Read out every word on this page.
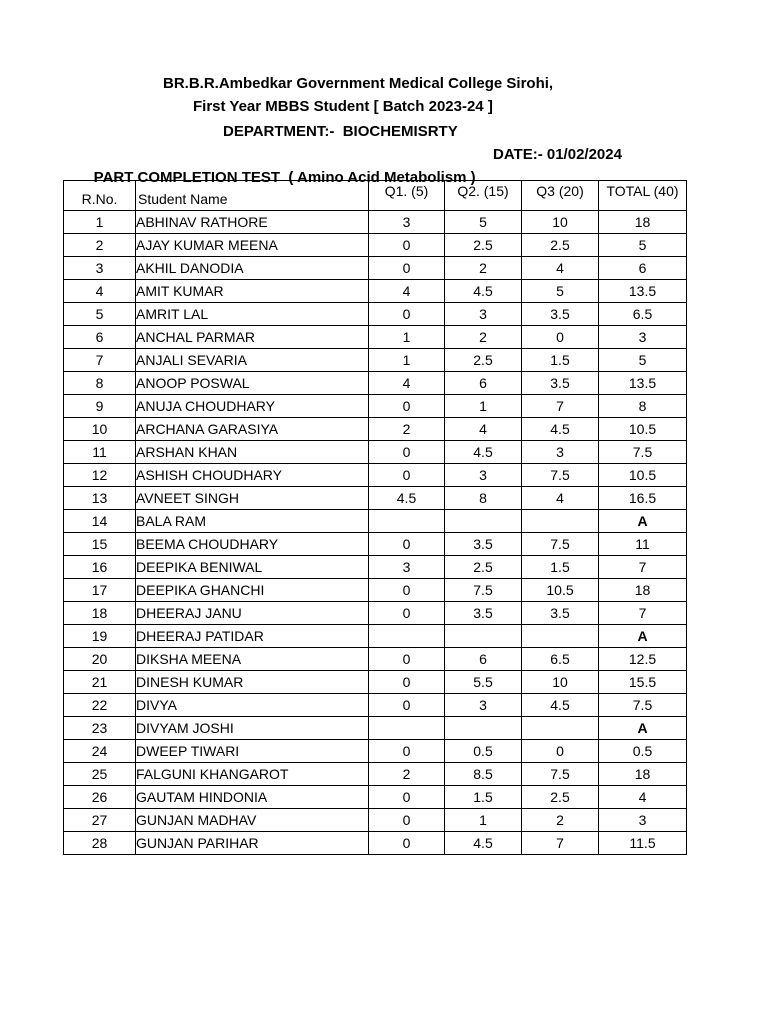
BR.B.R.Ambedkar Government Medical College Sirohi,
First Year MBBS Student [ Batch 2023-24 ]
DEPARTMENT:-  BIOCHEMISRTY

PART COMPLETION TEST  ( Amino Acid Metabolism )

DATE:- 01/02/2024

R.No.	Student Name	Q1. (5)	Q2. (15)	Q3 (20)	TOTAL (40)
1	ABHINAV RATHORE	3	5	10	18
2	AJAY KUMAR MEENA	0	2.5	2.5	5
3	AKHIL DANODIA	0	2	4	6
4	AMIT KUMAR	4	4.5	5	13.5
5	AMRIT LAL	0	3	3.5	6.5
6	ANCHAL PARMAR	1	2	0	3
7	ANJALI SEVARIA	1	2.5	1.5	5
8	ANOOP POSWAL	4	6	3.5	13.5
9	ANUJA CHOUDHARY	0	1	7	8
10	ARCHANA GARASIYA	2	4	4.5	10.5
11	ARSHAN KHAN	0	4.5	3	7.5
12	ASHISH CHOUDHARY	0	3	7.5	10.5
13	AVNEET SINGH	4.5	8	4	16.5
14	BALA RAM				A
15	BEEMA CHOUDHARY	0	3.5	7.5	11
16	DEEPIKA BENIWAL	3	2.5	1.5	7
17	DEEPIKA GHANCHI	0	7.5	10.5	18
18	DHEERAJ JANU	0	3.5	3.5	7
19	DHEERAJ PATIDAR				A
20	DIKSHA MEENA	0	6	6.5	12.5
21	DINESH KUMAR	0	5.5	10	15.5
22	DIVYA	0	3	4.5	7.5
23	DIVYAM JOSHI				A
24	DWEEP TIWARI	0	0.5	0	0.5
25	FALGUNI KHANGAROT	2	8.5	7.5	18
26	GAUTAM HINDONIA	0	1.5	2.5	4
27	GUNJAN MADHAV	0	1	2	3
28	GUNJAN PARIHAR	0	4.5	7	11.5
